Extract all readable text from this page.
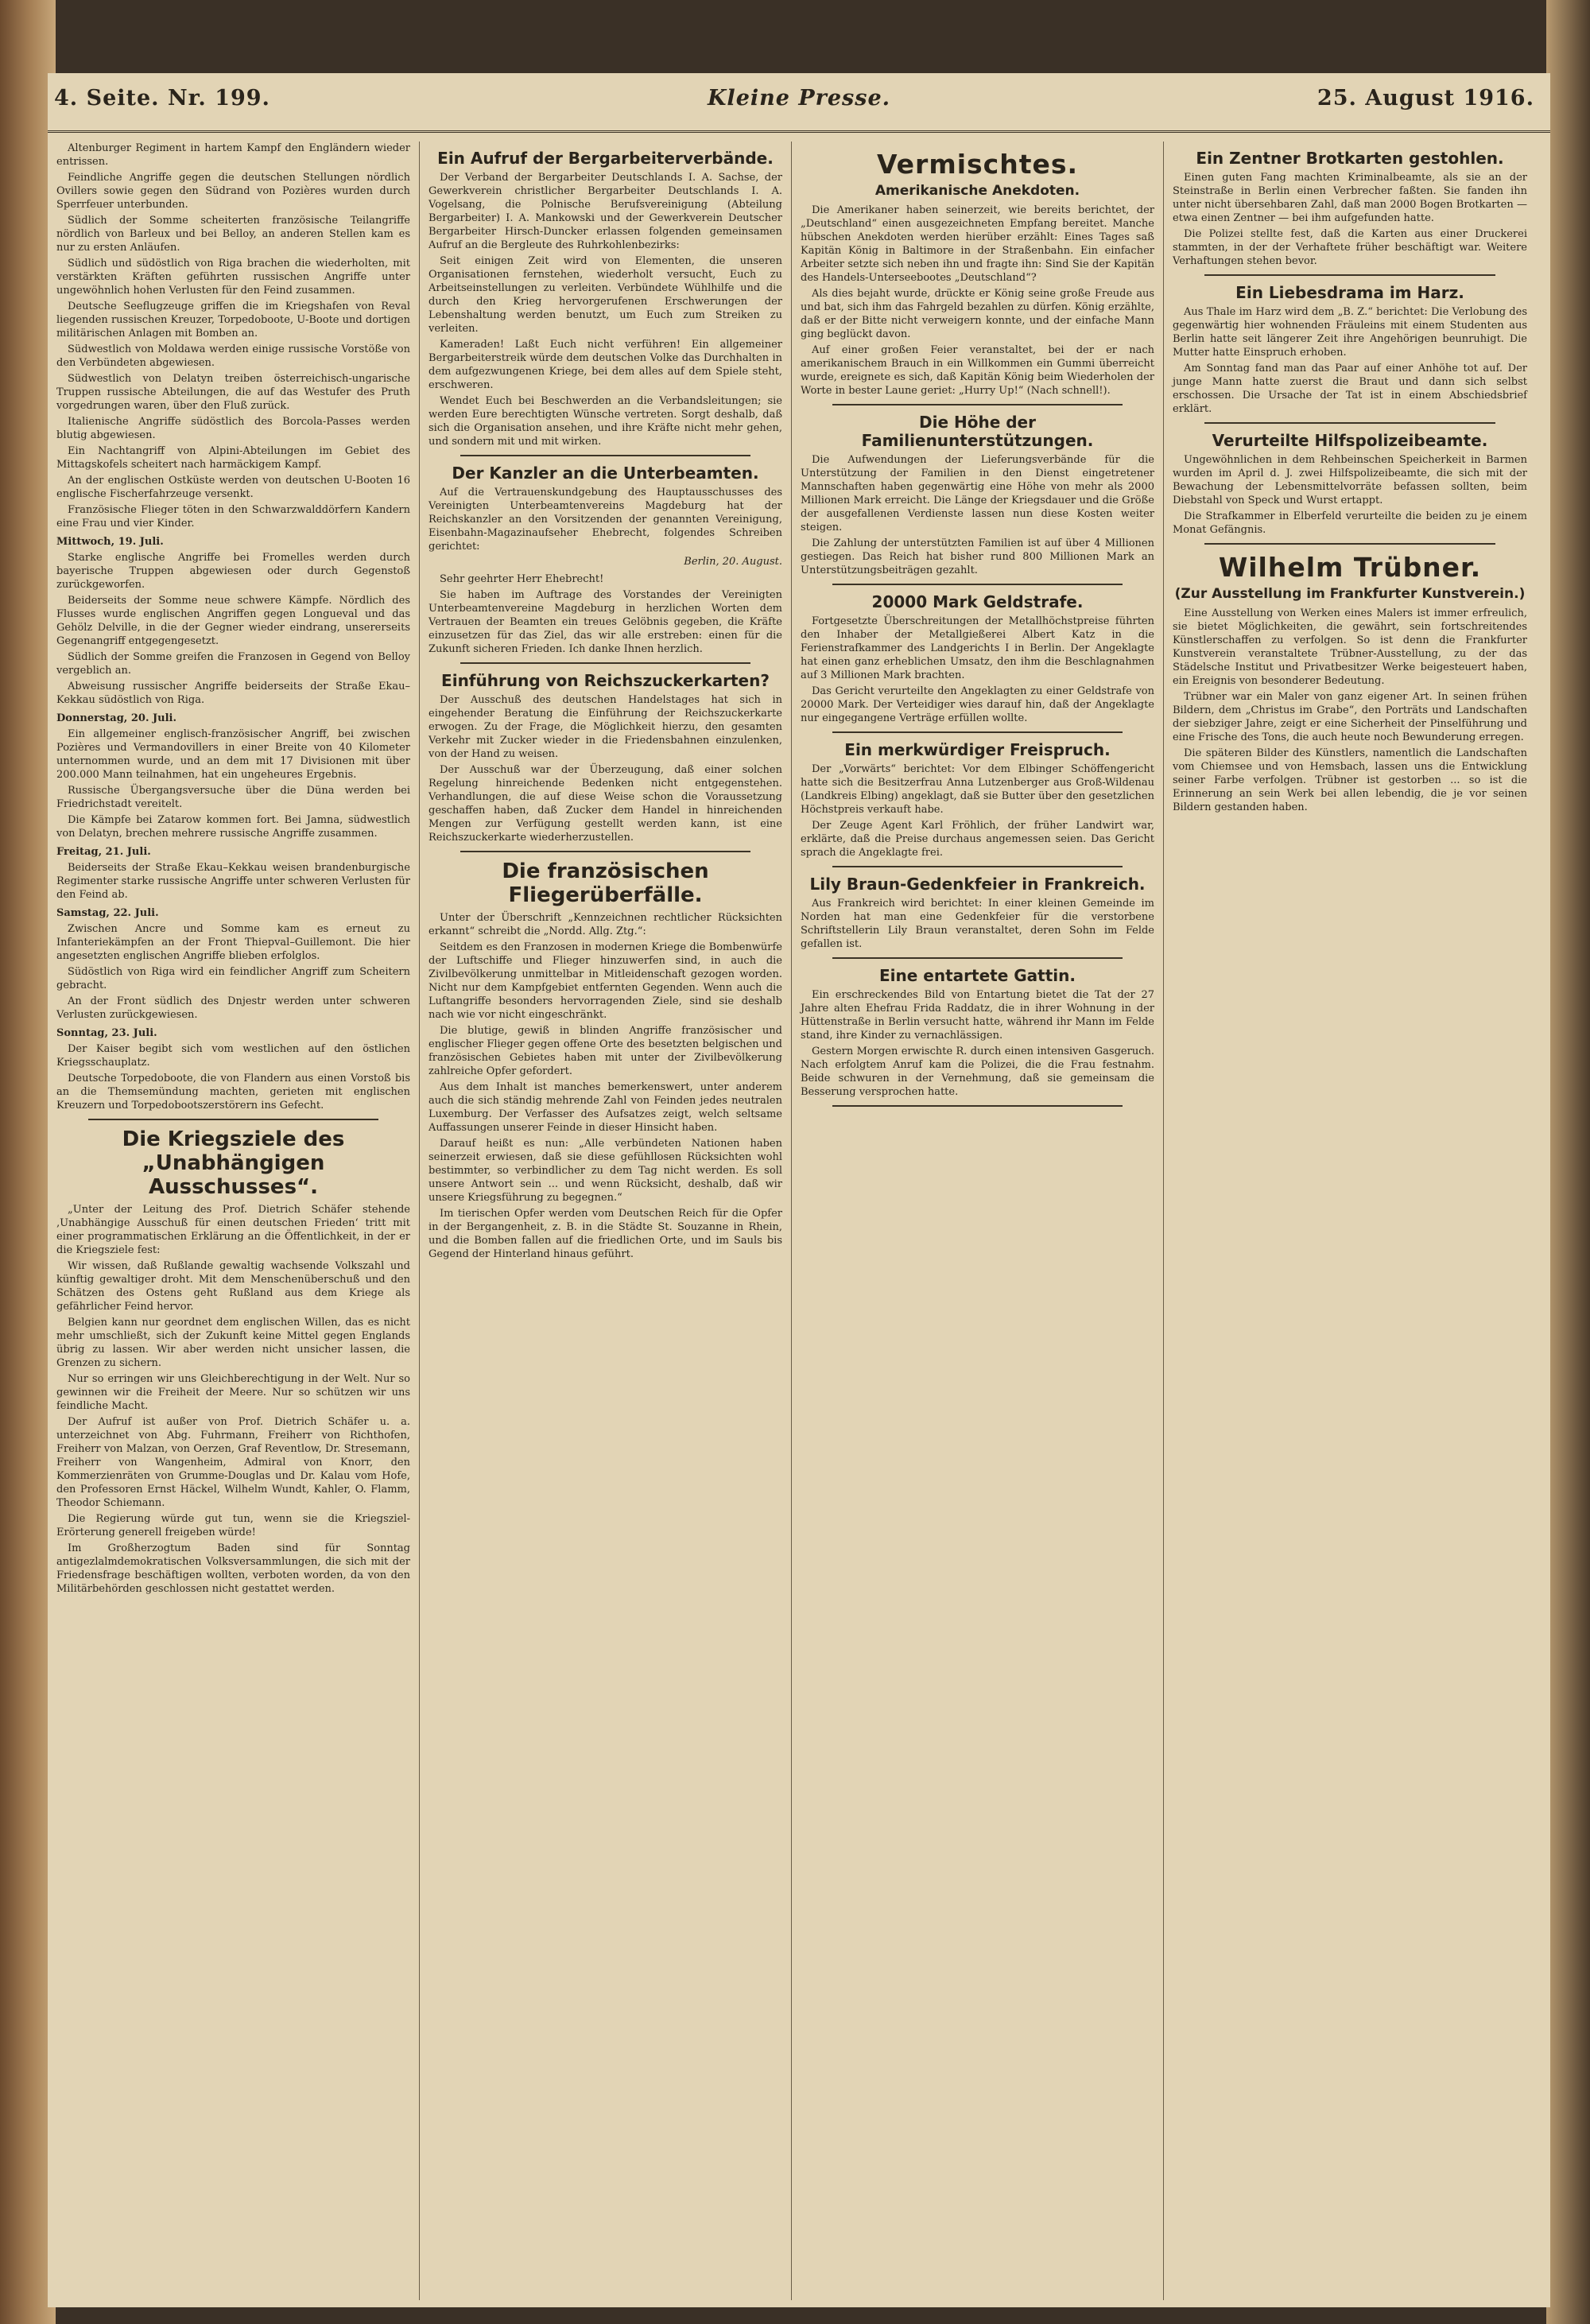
4. Seite. Nr. 199.	Kleine Presse.	25. August 1916.

Altenburger Regiment in hartem Kampf den Engländern wieder entrissen.

Feindliche Angriffe gegen die deutschen Stellungen nördlich Ovillers sowie gegen den Südrand von Pozières wurden durch Sperrfeuer unterbunden.

Südlich der Somme scheiterten französische Teilangriffe nördlich von Barleux und bei Belloy, an anderen Stellen kam es nur zu ersten Anläufen.

Südlich und südöstlich von Riga brachen die wiederholten, mit verstärkten Kräften geführten russischen Angriffe unter ungewöhnlich hohen Verlusten für den Feind zusammen.

Deutsche Seeflugzeuge griffen die im Kriegshafen von Reval liegenden russischen Kreuzer, Torpedoboote, U-Boote und dortigen militärischen Anlagen mit Bomben an.

Südwestlich von Moldawa werden einige russische Vorstöße von den Verbündeten abgewiesen.

Südwestlich von Delatyn treiben österreichisch-ungarische Truppen russische Abteilungen, die auf das Westufer des Pruth vorgedrungen waren, über den Fluß zurück.

Italienische Angriffe südöstlich des Borcola-Passes werden blutig abgewiesen.

Ein Nachtangriff von Alpini-Abteilungen im Gebiet des Mittagskofels scheitert nach harmäckigem Kampf.

An der englischen Ostküste werden von deutschen U-Booten 16 englische Fischerfahrzeuge versenkt.

Französische Flieger töten in den Schwarzwalddörfern Kandern eine Frau und vier Kinder.

Mittwoch, 19. Juli.

Starke englische Angriffe bei Fromelles werden durch bayerische Truppen abgewiesen oder durch Gegenstoß zurückgeworfen.

Beiderseits der Somme neue schwere Kämpfe. Nördlich des Flusses wurde englischen Angriffen gegen Longueval und das Gehölz Delville, in die der Gegner wieder eindrang, unsererseits Gegenangriff entgegengesetzt.

Südlich der Somme greifen die Franzosen in Gegend von Belloy vergeblich an.

Abweisung russischer Angriffe beiderseits der Straße Ekau–Kekkau südöstlich von Riga.

Donnerstag, 20. Juli.

Ein allgemeiner englisch-französischer Angriff, bei zwischen Pozières und Vermandovillers in einer Breite von 40 Kilometer unternommen wurde, und an dem mit 17 Divisionen mit über 200.000 Mann teilnahmen, hat ein ungeheures Ergebnis.

Russische Übergangsversuche über die Düna werden bei Friedrichstadt vereitelt.

Die Kämpfe bei Zatarow kommen fort. Bei Jamna, südwestlich von Delatyn, brechen mehrere russische Angriffe zusammen.

Freitag, 21. Juli.

Beiderseits der Straße Ekau–Kekkau weisen brandenburgische Regimenter starke russische Angriffe unter schweren Verlusten für den Feind ab.

Samstag, 22. Juli.

Zwischen Ancre und Somme kam es erneut zu Infanteriekämpfen an der Front Thiepval–Guillemont. Die hier angesetzten englischen Angriffe blieben erfolglos.

Südöstlich von Riga wird ein feindlicher Angriff zum Scheitern gebracht.

An der Front südlich des Dnjestr werden unter schweren Verlusten zurückgewiesen.

Sonntag, 23. Juli.

Der Kaiser begibt sich vom westlichen auf den östlichen Kriegsschauplatz.

Deutsche Torpedoboote, die von Flandern aus einen Vorstoß bis an die Themsemündung machten, gerieten mit englischen Kreuzern und Torpedobootszerstörern ins Gefecht.

Die Kriegsziele des „Unabhängigen Ausschusses“.

„Unter der Leitung des Prof. Dietrich Schäfer stehende ‚Unabhängige Ausschuß für einen deutschen Frieden‘ tritt mit einer programmatischen Erklärung an die Öffentlichkeit, in der er die Kriegsziele fest:

Wir wissen, daß Rußlande gewaltig wachsende Volkszahl und künftig gewaltiger droht. Mit dem Menschenüberschuß und den Schätzen des Ostens geht Rußland aus dem Kriege als gefährlicher Feind hervor.

Belgien kann nur geordnet dem englischen Willen, das es nicht mehr umschließt, sich der Zukunft keine Mittel gegen Englands übrig zu lassen. Wir aber werden nicht unsicher lassen, die Grenzen zu sichern.

Nur so erringen wir uns Gleichberechtigung in der Welt. Nur so gewinnen wir die Freiheit der Meere. Nur so schützen wir uns feindliche Macht.

Der Aufruf ist außer von Prof. Dietrich Schäfer u. a. unterzeichnet von Abg. Fuhrmann, Freiherr von Richthofen, Freiherr von Malzan, von Oerzen, Graf Reventlow, Dr. Stresemann, Freiherr von Wangenheim, Admiral von Knorr, den Kommerzienräten von Grumme-Douglas und Dr. Kalau vom Hofe, den Professoren Ernst Häckel, Wilhelm Wundt, Kahler, O. Flamm, Theodor Schiemann.

Die Regierung würde gut tun, wenn sie die Kriegsziel-Erörterung generell freigeben würde!

Im Großherzogtum Baden sind für Sonntag antigezlalmdemokratischen Volksversammlungen, die sich mit der Friedensfrage beschäftigen wollten, verboten worden, da von den Militärbehörden geschlossen nicht gestattet werden.

Ein Aufruf der Bergarbeiterverbände.

Der Verband der Bergarbeiter Deutschlands I. A. Sachse, der Gewerkverein christlicher Bergarbeiter Deutschlands I. A. Vogelsang, die Polnische Berufsvereinigung (Abteilung Bergarbeiter) I. A. Mankowski und der Gewerkverein Deutscher Bergarbeiter Hirsch-Duncker erlassen folgenden gemeinsamen Aufruf an die Bergleute des Ruhrkohlenbezirks:

Seit einigen Zeit wird von Elementen, die unseren Organisationen fernstehen, wiederholt versucht, Euch zu Arbeitseinstellungen zu verleiten. Verbündete Wühlhilfe und die durch den Krieg hervorgerufenen Erschwerungen der Lebenshaltung werden benutzt, um Euch zum Streiken zu verleiten.

Kameraden! Laßt Euch nicht verführen! Ein allgemeiner Bergarbeiterstreik würde dem deutschen Volke das Durchhalten in dem aufgezwungenen Kriege, bei dem alles auf dem Spiele steht, erschweren.

Wendet Euch bei Beschwerden an die Verbandsleitungen; sie werden Eure berechtigten Wünsche vertreten. Sorgt deshalb, daß sich die Organisation ansehen, und ihre Kräfte nicht mehr gehen, und sondern mit und mit wirken.

Der Kanzler an die Unterbeamten.

Auf die Vertrauenskundgebung des Hauptausschusses des Vereinigten Unterbeamtenvereins Magdeburg hat der Reichskanzler an den Vorsitzenden der genannten Vereinigung, Eisenbahn-Magazinaufseher Ehebrecht, folgendes Schreiben gerichtet:

Berlin, 20. August.

Sehr geehrter Herr Ehebrecht!

Sie haben im Auftrage des Vorstandes der Vereinigten Unterbeamtenvereine Magdeburg in herzlichen Worten dem Vertrauen der Beamten ein treues Gelöbnis gegeben, die Kräfte einzusetzen für das Ziel, das wir alle erstreben: einen für die Zukunft sicheren Frieden. Ich danke Ihnen herzlich.

Einführung von Reichszuckerkarten?

Der Ausschuß des deutschen Handelstages hat sich in eingehender Beratung die Einführung der Reichszuckerkarte erwogen. Zu der Frage, die Möglichkeit hierzu, den gesamten Verkehr mit Zucker wieder in die Friedensbahnen einzulenken, von der Hand zu weisen.

Der Ausschuß war der Überzeugung, daß einer solchen Regelung hinreichende Bedenken nicht entgegenstehen. Verhandlungen, die auf diese Weise schon die Voraussetzung geschaffen haben, daß Zucker dem Handel in hinreichenden Mengen zur Verfügung gestellt werden kann, ist eine Reichszuckerkarte wiederherzustellen.

Die französischen Fliegerüberfälle.

Unter der Überschrift „Kennzeichnen rechtlicher Rücksichten erkannt“ schreibt die „Nordd. Allg. Ztg.“:

Seitdem es den Franzosen in modernen Kriege die Bombenwürfe der Luftschiffe und Flieger hinzuwerfen sind, in auch die Zivilbevölkerung unmittelbar in Mitleidenschaft gezogen worden. Nicht nur dem Kampfgebiet entfernten Gegenden. Wenn auch die Luftangriffe besonders hervorragenden Ziele, sind sie deshalb nach wie vor nicht eingeschränkt.

Die blutige, gewiß in blinden Angriffe französischer und englischer Flieger gegen offene Orte des besetzten belgischen und französischen Gebietes haben mit unter der Zivilbevölkerung zahlreiche Opfer gefordert.

Aus dem Inhalt ist manches bemerkenswert, unter anderem auch die sich ständig mehrende Zahl von Feinden jedes neutralen Luxemburg. Der Verfasser des Aufsatzes zeigt, welch seltsame Auffassungen unserer Feinde in dieser Hinsicht haben.

Darauf heißt es nun: „Alle verbündeten Nationen haben seinerzeit erwiesen, daß sie diese gefühllosen Rücksichten wohl bestimmter, so verbindlicher zu dem Tag nicht werden. Es soll unsere Antwort sein ... und wenn Rücksicht, deshalb, daß wir unsere Kriegsführung zu begegnen.“

Im tierischen Opfer werden vom Deutschen Reich für die Opfer in der Bergangenheit, z. B. in die Städte St. Souzanne in Rhein, und die Bomben fallen auf die friedlichen Orte, und im Sauls bis Gegend der Hinterland hinaus geführt.

Vermischtes.
Amerikanische Anekdoten.

Die Amerikaner haben seinerzeit, wie bereits berichtet, der „Deutschland“ einen ausgezeichneten Empfang bereitet. Manche hübschen Anekdoten werden hierüber erzählt: Eines Tages saß Kapitän König in Baltimore in der Straßenbahn. Ein einfacher Arbeiter setzte sich neben ihn und fragte ihn: Sind Sie der Kapitän des Handels-Unterseebootes „Deutschland“?

Als dies bejaht wurde, drückte er König seine große Freude aus und bat, sich ihm das Fahrgeld bezahlen zu dürfen. König erzählte, daß er der Bitte nicht verweigern konnte, und der einfache Mann ging beglückt davon.

Auf einer großen Feier veranstaltet, bei der er nach amerikanischem Brauch in ein Willkommen ein Gummi überreicht wurde, ereignete es sich, daß Kapitän König beim Wiederholen der Worte in bester Laune geriet: „Hurry Up!“ (Nach schnell!).

Die Höhe der Familienunterstützungen.

Die Aufwendungen der Lieferungsverbände für die Unterstützung der Familien in den Dienst eingetretener Mannschaften haben gegenwärtig eine Höhe von mehr als 2000 Millionen Mark erreicht. Die Länge der Kriegsdauer und die Größe der ausgefallenen Verdienste lassen nun diese Kosten weiter steigen.

Die Zahlung der unterstützten Familien ist auf über 4 Millionen gestiegen. Das Reich hat bisher rund 800 Millionen Mark an Unterstützungsbeiträgen gezahlt.

20000 Mark Geldstrafe.

Fortgesetzte Überschreitungen der Metallhöchstpreise führten den Inhaber der Metallgießerei Albert Katz in die Ferienstrafkammer des Landgerichts I in Berlin. Der Angeklagte hat einen ganz erheblichen Umsatz, den ihm die Beschlagnahmen auf 3 Millionen Mark brachten.

Das Gericht verurteilte den Angeklagten zu einer Geldstrafe von 20000 Mark. Der Verteidiger wies darauf hin, daß der Angeklagte nur eingegangene Verträge erfüllen wollte.

Ein merkwürdiger Freispruch.

Der „Vorwärts“ berichtet: Vor dem Elbinger Schöffengericht hatte sich die Besitzerfrau Anna Lutzenberger aus Groß-Wildenau (Landkreis Elbing) angeklagt, daß sie Butter über den gesetzlichen Höchstpreis verkauft habe.

Der Zeuge Agent Karl Fröhlich, der früher Landwirt war, erklärte, daß die Preise durchaus angemessen seien. Das Gericht sprach die Angeklagte frei.

Lily Braun-Gedenkfeier in Frankreich.

Aus Frankreich wird berichtet: In einer kleinen Gemeinde im Norden hat man eine Gedenkfeier für die verstorbene Schriftstellerin Lily Braun veranstaltet, deren Sohn im Felde gefallen ist.

Eine entartete Gattin.

Ein erschreckendes Bild von Entartung bietet die Tat der 27 Jahre alten Ehefrau Frida Raddatz, die in ihrer Wohnung in der Hüttenstraße in Berlin versucht hatte, während ihr Mann im Felde stand, ihre Kinder zu vernachlässigen.

Gestern Morgen erwischte R. durch einen intensiven Gasgeruch. Nach erfolgtem Anruf kam die Polizei, die die Frau festnahm. Beide schwuren in der Vernehmung, daß sie gemeinsam die Besserung versprochen hatte.

Ein Zentner Brotkarten gestohlen.

Einen guten Fang machten Kriminalbeamte, als sie an der Steinstraße in Berlin einen Verbrecher faßten. Sie fanden ihn unter nicht übersehbaren Zahl, daß man 2000 Bogen Brotkarten — etwa einen Zentner — bei ihm aufgefunden hatte.

Die Polizei stellte fest, daß die Karten aus einer Druckerei stammten, in der der Verhaftete früher beschäftigt war. Weitere Verhaftungen stehen bevor.

Ein Liebesdrama im Harz.

Aus Thale im Harz wird dem „B. Z.“ berichtet: Die Verlobung des gegenwärtig hier wohnenden Fräuleins mit einem Studenten aus Berlin hatte seit längerer Zeit ihre Angehörigen beunruhigt. Die Mutter hatte Einspruch erhoben.

Am Sonntag fand man das Paar auf einer Anhöhe tot auf. Der junge Mann hatte zuerst die Braut und dann sich selbst erschossen. Die Ursache der Tat ist in einem Abschiedsbrief erklärt.

Verurteilte Hilfspolizeibeamte.

Ungewöhnlichen in dem Rehbeinschen Speicherkeit in Barmen wurden im April d. J. zwei Hilfspolizeibeamte, die sich mit der Bewachung der Lebensmittelvorräte befassen sollten, beim Diebstahl von Speck und Wurst ertappt.

Die Strafkammer in Elberfeld verurteilte die beiden zu je einem Monat Gefängnis.

Wilhelm Trübner.
(Zur Ausstellung im Frankfurter Kunstverein.)

Eine Ausstellung von Werken eines Malers ist immer erfreulich, sie bietet Möglichkeiten, die gewährt, sein fortschreitendes Künstlerschaffen zu verfolgen. So ist denn die Frankfurter Kunstverein veranstaltete Trübner-Ausstellung, zu der das Städelsche Institut und Privatbesitzer Werke beigesteuert haben, ein Ereignis von besonderer Bedeutung.

Trübner war ein Maler von ganz eigener Art. In seinen frühen Bildern, dem „Christus im Grabe“, den Porträts und Landschaften der siebziger Jahre, zeigt er eine Sicherheit der Pinselführung und eine Frische des Tons, die auch heute noch Bewunderung erregen.

Die späteren Bilder des Künstlers, namentlich die Landschaften vom Chiemsee und von Hemsbach, lassen uns die Entwicklung seiner Farbe verfolgen. Trübner ist gestorben ... so ist die Erinnerung an sein Werk bei allen lebendig, die je vor seinen Bildern gestanden haben.
